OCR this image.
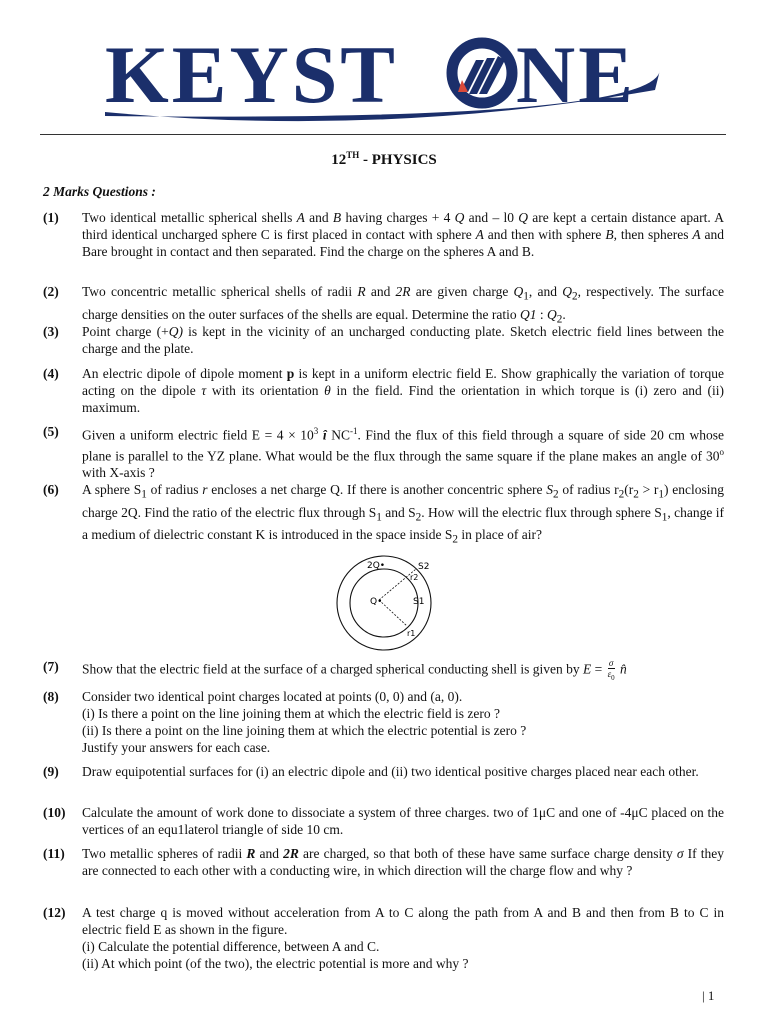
KEYST NE
12TH - PHYSICS
2 Marks Questions :
(1) Two identical metallic spherical shells A and B having charges + 4 Q and – l0 Q are kept a certain distance apart. A third identical uncharged sphere C is first placed in contact with sphere A and then with sphere B, then spheres A and Bare brought in contact and then separated. Find the charge on the spheres A and B.
(2) Two concentric metallic spherical shells of radii R and 2R are given charge $Q_1$, and $Q_2$, respectively. The surface charge densities on the outer surfaces of the shells are equal. Determine the ratio Q1 : $Q_2$.
(3) Point charge (+Q) is kept in the vicinity of an uncharged conducting plate. Sketch electric field lines between the charge and the plate.
(4) An electric dipole of dipole moment p is kept in a uniform electric field E. Show graphically the variation of torque acting on the dipole τ with its orientation θ in the field. Find the orientation in which torque is (i) zero and (ii) maximum.
(5) Given a uniform electric field $E = 4 \times 10^3$ î $NC^{-1}$. Find the flux of this field through a square of side 20 cm whose plane is parallel to the YZ plane. What would be the flux through the same square if the plane makes an angle of 30$^o$ with X-axis ?
(6) A sphere $S_1$ of radius r encloses a net charge Q. If there is another concentric sphere $S_2$ of radius $r_2(r_2 > r_1)$ enclosing charge 2Q. Find the ratio of the electric flux through $S_1$ and $S_2$. How will the electric flux through sphere $S_1$, change if a medium of dielectric constant K is introduced in the space inside $S_2$ in place of air?
2Q•	S2
r2
Q•	S1
r1
(7) Show that the electric field at the surface of a charged spherical conducting shell is given by $E = \frac{\sigma}{\varepsilon_0}$ n̂
(8) Consider two identical point charges located at points (0, 0) and (a, 0).
(i) Is there a point on the line joining them at which the electric field is zero ?
(ii) Is there a point on the line joining them at which the electric potential is zero ?
Justify your answers for each case.
(9) Draw equipotential surfaces for (i) an electric dipole and (ii) two identical positive charges placed near each other.
(10) Calculate the amount of work done to dissociate a system of three charges. two of 1μC and one of -4μC placed on the vertices of an equ1laterol triangle of side 10 cm.
(11) Two metallic spheres of radii R and 2R are charged, so that both of these have same surface charge density σ If they are connected to each other with a conducting wire, in which direction will the charge flow and why ?
(12) A test charge q is moved without acceleration from A to C along the path from A and B and then from B to C in electric field E as shown in the figure.
(i) Calculate the potential difference, between A and C.
(ii) At which point (of the two), the electric potential is more and why ?
| 1
